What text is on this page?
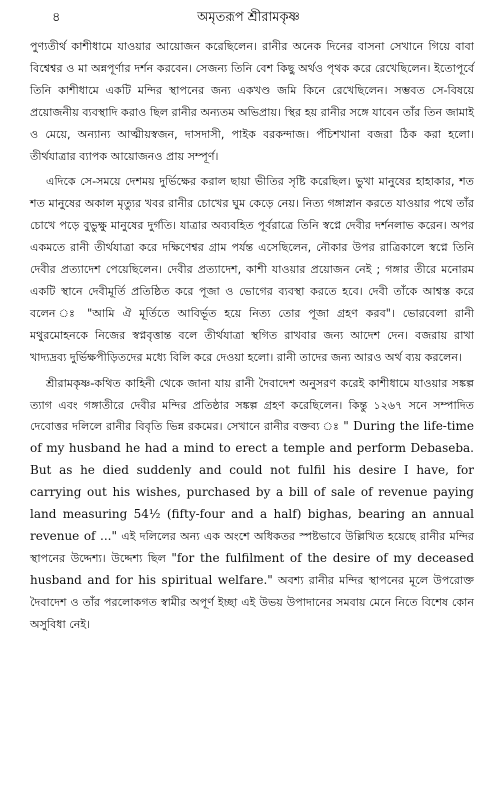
৪	অমৃতরূপ শ্রীরামকৃষ্ণ

পুণ্যতীর্থ কাশীধামে যাওয়ার আয়োজন করেছিলেন। রানীর অনেক দিনের বাসনা সেখানে গিয়ে বাবা বিশ্বেশ্বর ও মা অন্নপূর্ণার দর্শন করবেন। সেজন্য তিনি বেশ কিছু অর্থও পৃথক করে রেখেছিলেন। ইতোপূর্বে তিনি কাশীধামে একটি মন্দির স্থাপনের জন্য একখণ্ড জমি কিনে রেখেছিলেন। সম্ভবত সে-বিষয়ে প্রয়োজনীয় ব্যবস্থাদি করাও ছিল রানীর অন্যতম অভিপ্রায়। স্থির হয় রানীর সঙ্গে যাবেন তাঁর তিন জামাই ও মেয়ে, অন্যান্য আত্মীয়স্বজন, দাসদাসী, পাইক বরকন্দাজ। পঁচিশখানা বজরা ঠিক করা হলো। তীর্থযাত্রার ব্যাপক আয়োজনও প্রায় সম্পূর্ণ।

এদিকে সে-সময়ে দেশময় দুর্ভিক্ষের করাল ছায়া ভীতির সৃষ্টি করেছিল। ভুখা মানুষের হাহাকার, শত শত মানুষের অকাল মৃত্যুর খবর রানীর চোখের ঘুম কেড়ে নেয়। নিত্য গঙ্গাস্নান করতে যাওয়ার পথে তাঁর চোখে পড়ে বুভুক্ষু মানুষের দুর্গতি। যাত্রার অব্যবহিত পূর্বরাত্রে তিনি স্বপ্নে দেবীর দর্শনলাভ করেন। অপর একমতে রানী তীর্থযাত্রা করে দক্ষিণেশ্বর গ্রাম পর্যন্ত এসেছিলেন, নৌকার উপর রাত্রিকালে স্বপ্নে তিনি দেবীর প্রত্যাদেশ পেয়েছিলেন। দেবীর প্রত্যাদেশ, কাশী যাওয়ার প্রয়োজন নেই ; গঙ্গার তীরে মনোরম একটি স্থানে দেবীমূর্তি প্রতিষ্ঠিত করে পূজা ও ভোগের ব্যবস্থা করতে হবে। দেবী তাঁকে আশ্বস্ত করে বলেন ঃ "আমি ঐ মূর্তিতে আবির্ভূত হয়ে নিত্য তোর পূজা গ্রহণ করব"। ভোরবেলা রানী মথুরমোহনকে নিজের স্বপ্নবৃত্তান্ত বলে তীর্থযাত্রা স্থগিত রাখবার জন্য আদেশ দেন। বজরায় রাখা খাদ্যদ্রব্য দুর্ভিক্ষপীড়িতদের মধ্যে বিলি করে দেওয়া হলো। রানী তাদের জন্য আরও অর্থ ব্যয় করলেন।

শ্রীরামকৃষ্ণ-কথিত কাহিনী থেকে জানা যায় রানী দৈবাদেশ অনুসরণ করেই কাশীধামে যাওয়ার সঙ্কল্প ত্যাগ এবং গঙ্গাতীরে দেবীর মন্দির প্রতিষ্ঠার সঙ্কল্প গ্রহণ করেছিলেন। কিন্তু ১২৬৭ সনে সম্পাদিত দেবোত্তর দলিলে রানীর বিবৃতি ভিন্ন রকমের। সেখানে রানীর বক্তব্য ঃ " During the life-time of my husband he had a mind to erect a temple and perform Debaseba. But as he died suddenly and could not fulfil his desire I have, for carrying out his wishes, purchased by a bill of sale of revenue paying land measuring 54½ (fifty-four and a half) bighas, bearing an annual revenue of ..." এই দলিলের অন্য এক অংশে অধিকতর স্পষ্টভাবে উল্লিখিত হয়েছে রানীর মন্দির স্থাপনের উদ্দেশ্য। উদ্দেশ্য ছিল "for the fulfilment of the desire of my deceased husband and for his spiritual welfare." অবশ্য রানীর মন্দির স্থাপনের মূলে উপরোক্ত দৈবাদেশ ও তাঁর পরলোকগত স্বামীর অপূর্ণ ইচ্ছা এই উভয় উপাদানের সমবায় মেনে নিতে বিশেষ কোন অসুবিধা নেই।
